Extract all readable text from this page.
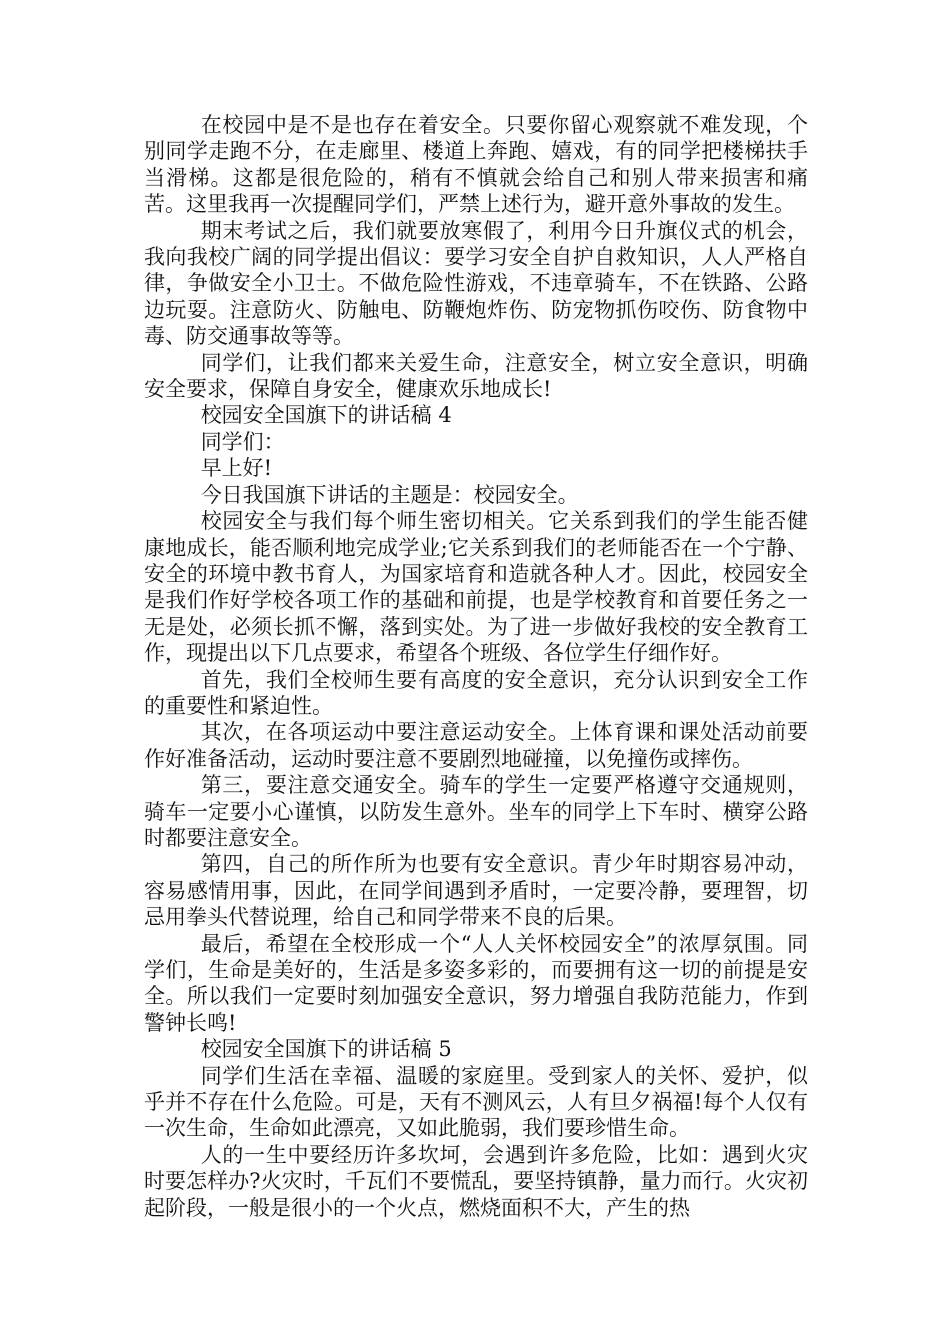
在校园中是不是也存在着安全。只要你留心观察就不难发现，个别同学走跑不分，在走廊里、楼道上奔跑、嬉戏，有的同学把楼梯扶手当滑梯。这都是很危险的，稍有不慎就会给自己和别人带来损害和痛苦。这里我再一次提醒同学们，严禁上述行为，避开意外事故的发生。

期末考试之后，我们就要放寒假了，利用今日升旗仪式的机会，我向我校广阔的同学提出倡议：要学习安全自护自救知识，人人严格自律，争做安全小卫士。不做危险性游戏，不违章骑车，不在铁路、公路边玩耍。注意防火、防触电、防鞭炮炸伤、防宠物抓伤咬伤、防食物中毒、防交通事故等等。

同学们，让我们都来关爱生命，注意安全，树立安全意识，明确安全要求，保障自身安全，健康欢乐地成长!

校园安全国旗下的讲话稿 4

同学们：

早上好!

今日我国旗下讲话的主题是：校园安全。

校园安全与我们每个师生密切相关。它关系到我们的学生能否健康地成长，能否顺利地完成学业;它关系到我们的老师能否在一个宁静、安全的环境中教书育人，为国家培育和造就各种人才。因此，校园安全是我们作好学校各项工作的基础和前提，也是学校教育和首要任务之一无是处，必须长抓不懈，落到实处。为了进一步做好我校的安全教育工作，现提出以下几点要求，希望各个班级、各位学生仔细作好。

首先，我们全校师生要有高度的安全意识，充分认识到安全工作的重要性和紧迫性。

其次，在各项运动中要注意运动安全。上体育课和课处活动前要作好准备活动，运动时要注意不要剧烈地碰撞，以免撞伤或摔伤。

第三，要注意交通安全。骑车的学生一定要严格遵守交通规则，骑车一定要小心谨慎，以防发生意外。坐车的同学上下车时、横穿公路时都要注意安全。

第四，自己的所作所为也要有安全意识。青少年时期容易冲动，容易感情用事，因此，在同学间遇到矛盾时，一定要冷静，要理智，切忌用拳头代替说理，给自己和同学带来不良的后果。

最后，希望在全校形成一个“人人关怀校园安全”的浓厚氛围。同学们，生命是美好的，生活是多姿多彩的，而要拥有这一切的前提是安全。所以我们一定要时刻加强安全意识，努力增强自我防范能力，作到警钟长鸣!

校园安全国旗下的讲话稿 5

同学们生活在幸福、温暖的家庭里。受到家人的关怀、爱护，似乎并不存在什么危险。可是，天有不测风云，人有旦夕祸福!每个人仅有一次生命，生命如此漂亮，又如此脆弱，我们要珍惜生命。

人的一生中要经历许多坎坷，会遇到许多危险，比如：遇到火灾时要怎样办?火灾时，千瓦们不要慌乱，要坚持镇静，量力而行。火灾初起阶段，一般是很小的一个火点，燃烧面积不大，产生的热
